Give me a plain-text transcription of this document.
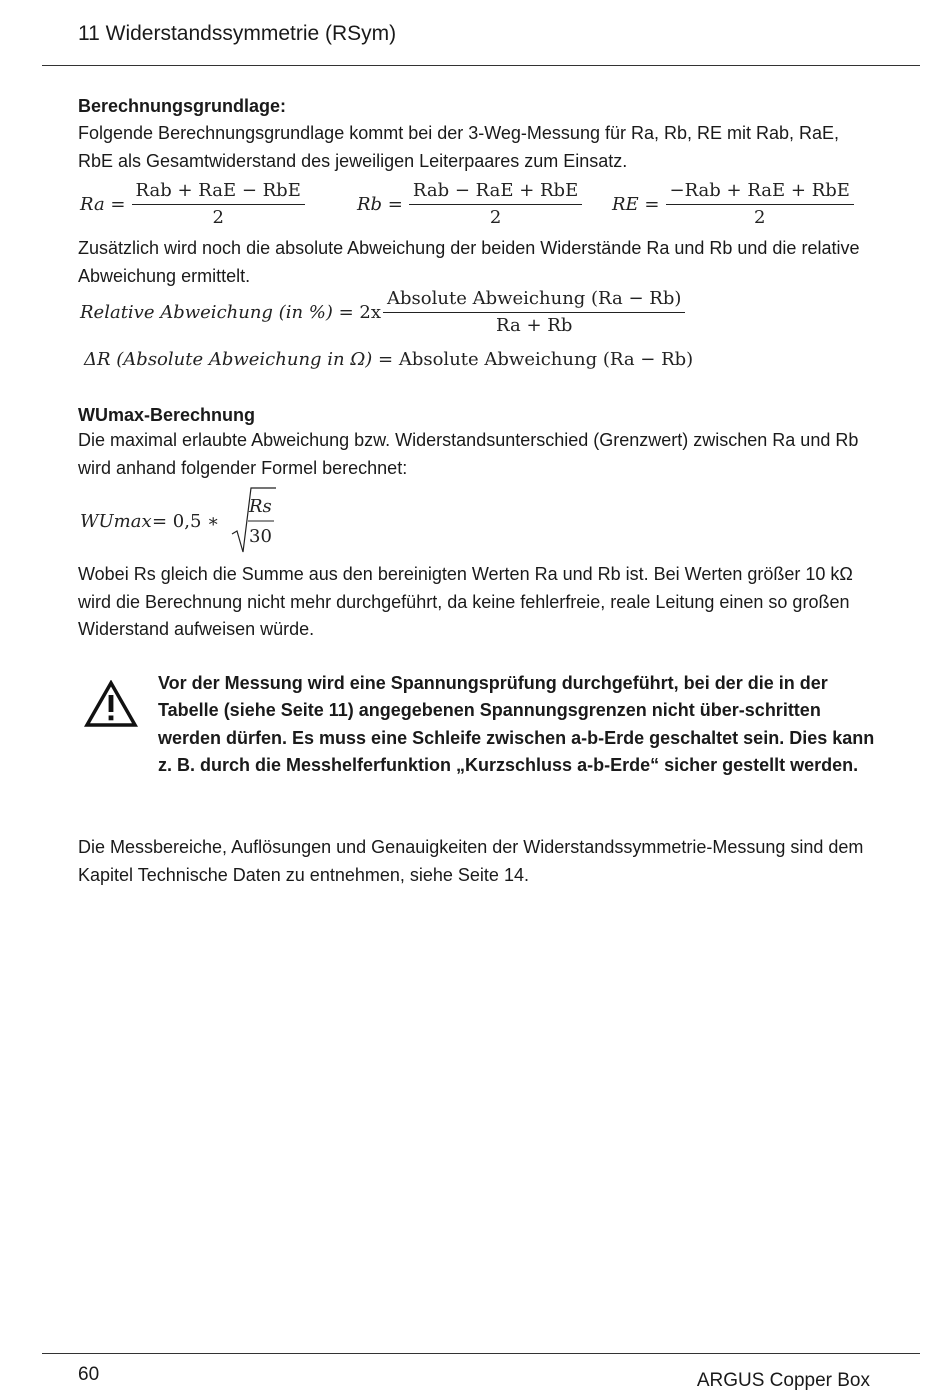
11 Widerstandssymmetrie (RSym)
Berechnungsgrundlage:
Folgende Berechnungsgrundlage kommt bei der 3-Weg-Messung für Ra, Rb, RE mit Rab, RaE, RbE als Gesamtwiderstand des jeweiligen Leiterpaares zum Einsatz.
$Ra = \frac{\text{Rab + RaE − RbE}}{2}$	$Rb = \frac{\text{Rab − RaE + RbE}}{2}$ RE = $\frac{\text{−Rab + RaE + RbE}}{2}$
Zusätzlich wird noch die absolute Abweichung der beiden Widerstände Ra und Rb und die relative Abweichung ermittelt.
Relative Abweichung (in %) = $2x \frac{\text{Absolute Abweichung (Ra − Rb)}}{Ra + Rb}$
ΔR (Absolute Abweichung in Ω) = Absolute Abweichung (Ra − Rb)
WUmax-Berechnung
Die maximal erlaubte Abweichung bzw. Widerstandsunterschied (Grenzwert) zwischen Ra und Rb wird anhand folgender Formel berechnet:
WUmax = 0,5 ∗
Rs
30
Wobei Rs gleich die Summe aus den bereinigten Werten Ra und Rb ist. Bei Werten größer 10 kΩ wird die Berechnung nicht mehr durchgeführt, da keine fehlerfreie, reale Leitung einen so großen Widerstand aufweisen würde.
Vor der Messung wird eine Spannungsprüfung durchgeführt, bei der die in der Tabelle (siehe Seite 11) angegebenen Spannungsgrenzen nicht über-schritten werden dürfen. Es muss eine Schleife zwischen a-b-Erde geschaltet sein. Dies kann z. B. durch die Messhelferfunktion „Kurzschluss a-b-Erde“ sicher gestellt werden.
Die Messbereiche, Auflösungen und Genauigkeiten der Widerstandssymmetrie-Messung sind dem Kapitel Technische Daten zu entnehmen, siehe Seite 14.
60	ARGUS Copper Box
